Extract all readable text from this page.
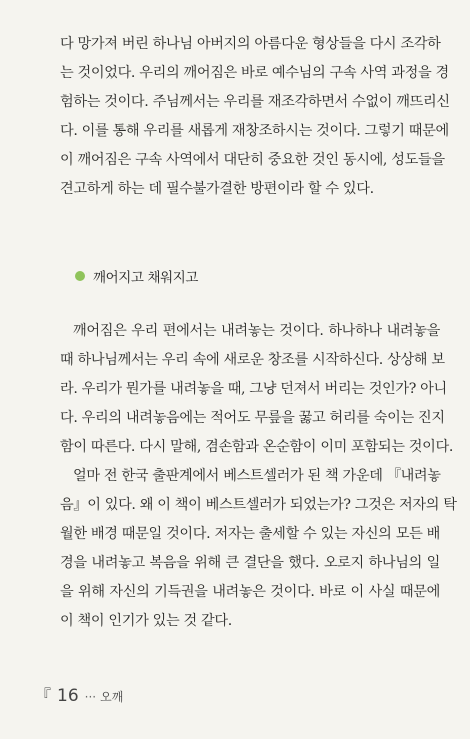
다 망가져 버린 하나님 아버지의 아름다운 형상들을 다시 조각하
는 것이었다. 우리의 깨어짐은 바로 예수님의 구속 사역 과정을 경
험하는 것이다. 주님께서는 우리를 재조각하면서 수없이 깨뜨리신
다. 이를 통해 우리를 새롭게 재창조하시는 것이다. 그렇기 때문에
이 깨어짐은 구속 사역에서 대단히 중요한 것인 동시에, 성도들을
견고하게 하는 데 필수불가결한 방편이라 할 수 있다.
깨어지고 채워지고
깨어짐은 우리 편에서는 내려놓는 것이다. 하나하나 내려놓을
때 하나님께서는 우리 속에 새로운 창조를 시작하신다. 상상해 보
라. 우리가 뭔가를 내려놓을 때, 그냥 던져서 버리는 것인가? 아니
다. 우리의 내려놓음에는 적어도 무릎을 꿇고 허리를 숙이는 진지
함이 따른다. 다시 말해, 겸손함과 온순함이 이미 포함되는 것이다.
얼마 전 한국 출판계에서 베스트셀러가 된 책 가운데 『내려놓
음』이 있다. 왜 이 책이 베스트셀러가 되었는가? 그것은 저자의 탁
월한 배경 때문일 것이다. 저자는 출세할 수 있는 자신의 모든 배
경을 내려놓고 복음을 위해 큰 결단을 했다. 오로지 하나님의 일
을 위해 자신의 기득권을 내려놓은 것이다. 바로 이 사실 때문에
이 책이 인기가 있는 것 같다.
『 16 ··· 오깨
